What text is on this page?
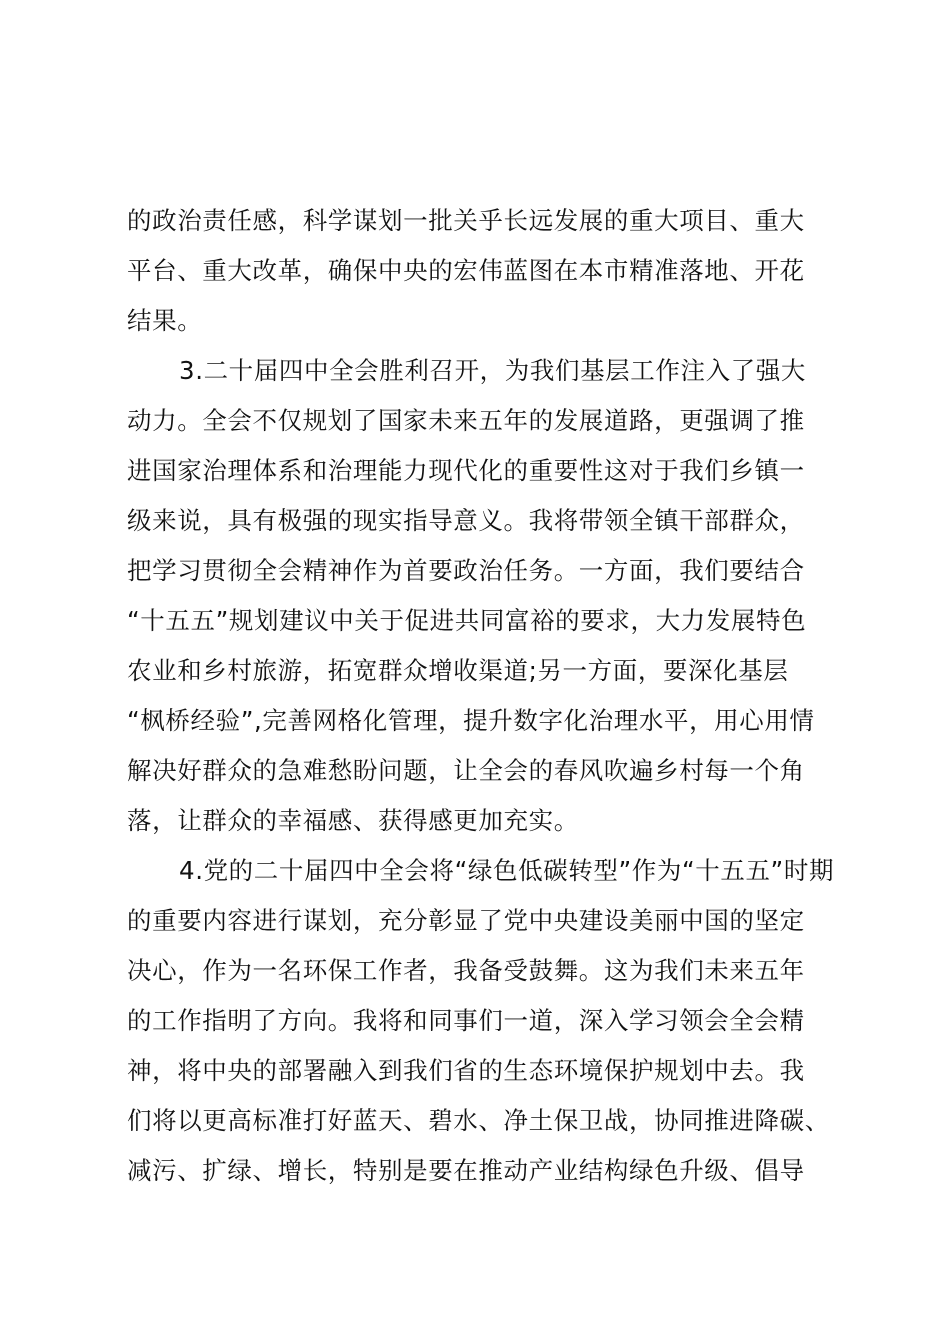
的政治责任感，科学谋划一批关乎长远发展的重大项目、重大
平台、重大改革，确保中央的宏伟蓝图在本市精准落地、开花
结果。
3.二十届四中全会胜利召开，为我们基层工作注入了强大
动力。全会不仅规划了国家未来五年的发展道路，更强调了推
进国家治理体系和治理能力现代化的重要性这对于我们乡镇一
级来说，具有极强的现实指导意义。我将带领全镇干部群众，
把学习贯彻全会精神作为首要政治任务。一方面，我们要结合
“十五五”规划建议中关于促进共同富裕的要求，大力发展特色
农业和乡村旅游，拓宽群众增收渠道;另一方面，要深化基层
“枫桥经验”,完善网格化管理，提升数字化治理水平，用心用情
解决好群众的急难愁盼问题，让全会的春风吹遍乡村每一个角
落，让群众的幸福感、获得感更加充实。
4.党的二十届四中全会将“绿色低碳转型”作为“十五五”时期
的重要内容进行谋划，充分彰显了党中央建设美丽中国的坚定
决心，作为一名环保工作者，我备受鼓舞。这为我们未来五年
的工作指明了方向。我将和同事们一道，深入学习领会全会精
神，将中央的部署融入到我们省的生态环境保护规划中去。我
们将以更高标准打好蓝天、碧水、净土保卫战，协同推进降碳、
减污、扩绿、增长，特别是要在推动产业结构绿色升级、倡导
